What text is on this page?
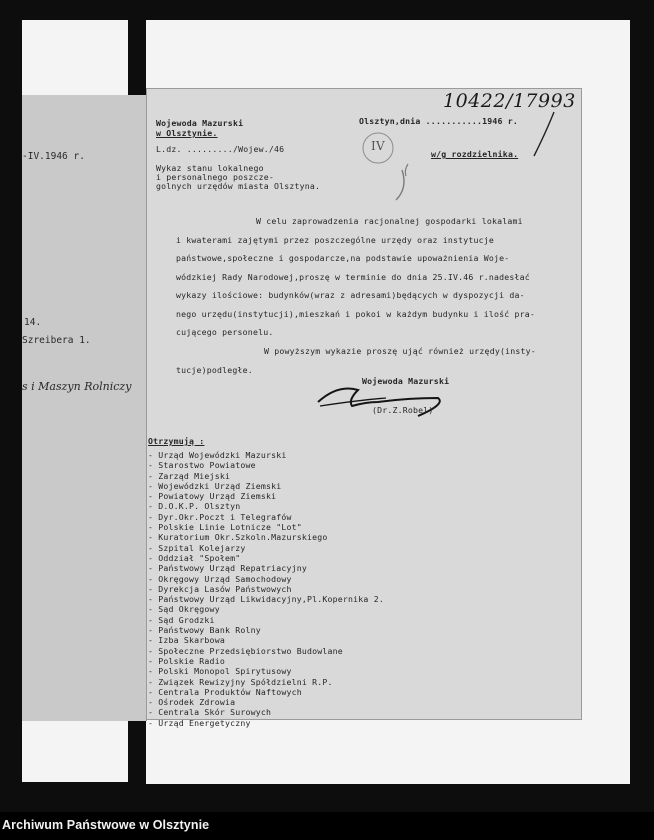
-IV.1946 r.
14.
Szreibera 1.
s i Maszyn Rolniczy
Wojewoda Mazurski
w Olsztynie.
L.dz. ........./Wojew./46
Wykaz stanu lokalnego
i personalnego poszcze-
golnych urzędów miasta Olsztyna.
Olsztyn,dnia ...........1946 r.
10422/17993
IV
w/g rozdzielnika.
W celu zaprowadzenia racjonalnej gospodarki lokalami
i kwaterami zajętymi przez poszczególne urzędy oraz instytucje
państwowe,społeczne i gospodarcze,na podstawie upoważnienia Woje-
wódzkiej Rady Narodowej,proszę w terminie do dnia 25.IV.46 r.nadesłać
wykazy ilościowe: budynków(wraz z adresami)będących w dyspozycji da-
nego urzędu(instytucji),mieszkań i pokoi w każdym budynku i ilość pra-
cującego personelu.
W powyższym wykazie proszę ująć również urzędy(insty-
tucje)podległe.
Wojewoda Mazurski
(Dr.Z.Robel)
Otrzymują :
- Urząd Wojewódzki Mazurski
- Starostwo Powiatowe
- Zarząd Miejski
- Wojewódzki Urząd Ziemski
- Powiatowy Urząd Ziemski
- D.O.K.P. Olsztyn
- Dyr.Okr.Poczt i Telegrafów
- Polskie Linie Lotnicze "Lot"
- Kuratorium Okr.Szkoln.Mazurskiego
- Szpital Kolejarzy
- Oddział "Społem"
- Państwowy Urząd Repatriacyjny
- Okręgowy Urząd Samochodowy
- Dyrekcja Lasów Państwowych
- Państwowy Urząd Likwidacyjny,Pl.Kopernika 2.
- Sąd Okręgowy
- Sąd Grodzki
- Państwowy Bank Rolny
- Izba Skarbowa
- Społeczne Przedsiębiorstwo Budowlane
- Polskie Radio
- Polski Monopol Spirytusowy
- Związek Rewizyjny Spółdzielni R.P.
- Centrala Produktów Naftowych
- Ośrodek Zdrowia
- Centrala Skór Surowych
- Urząd Energetyczny
Archiwum Państwowe w Olsztynie
